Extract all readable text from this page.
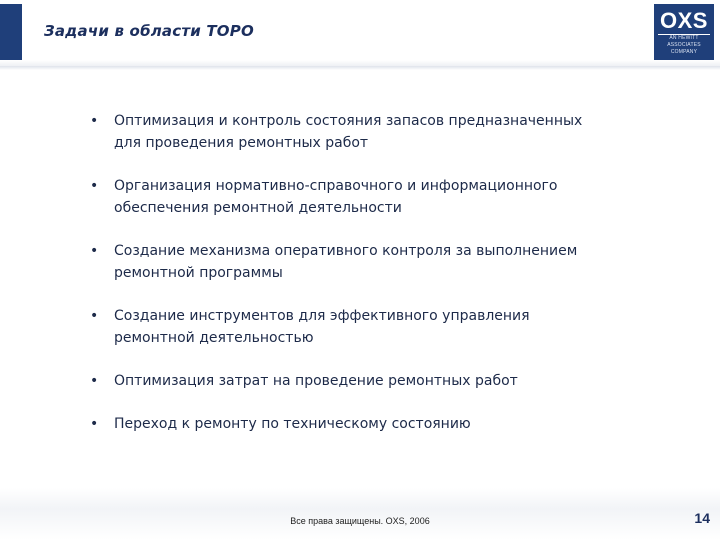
Задачи в области ТОРО	OXS
AN HEWITT ASSOCIATES COMPANY
• Оптимизация и контроль состояния запасов предназначенных
для проведения ремонтных работ
• Организация нормативно-справочного и информационного
обеспечения ремонтной деятельности
• Создание механизма оперативного контроля за выполнением
ремонтной программы
• Создание инструментов для эффективного управления
ремонтной деятельностью
• Оптимизация затрат на проведение ремонтных работ
• Переход к ремонту по техническому состоянию
Все права защищены. OXS, 2006	14
